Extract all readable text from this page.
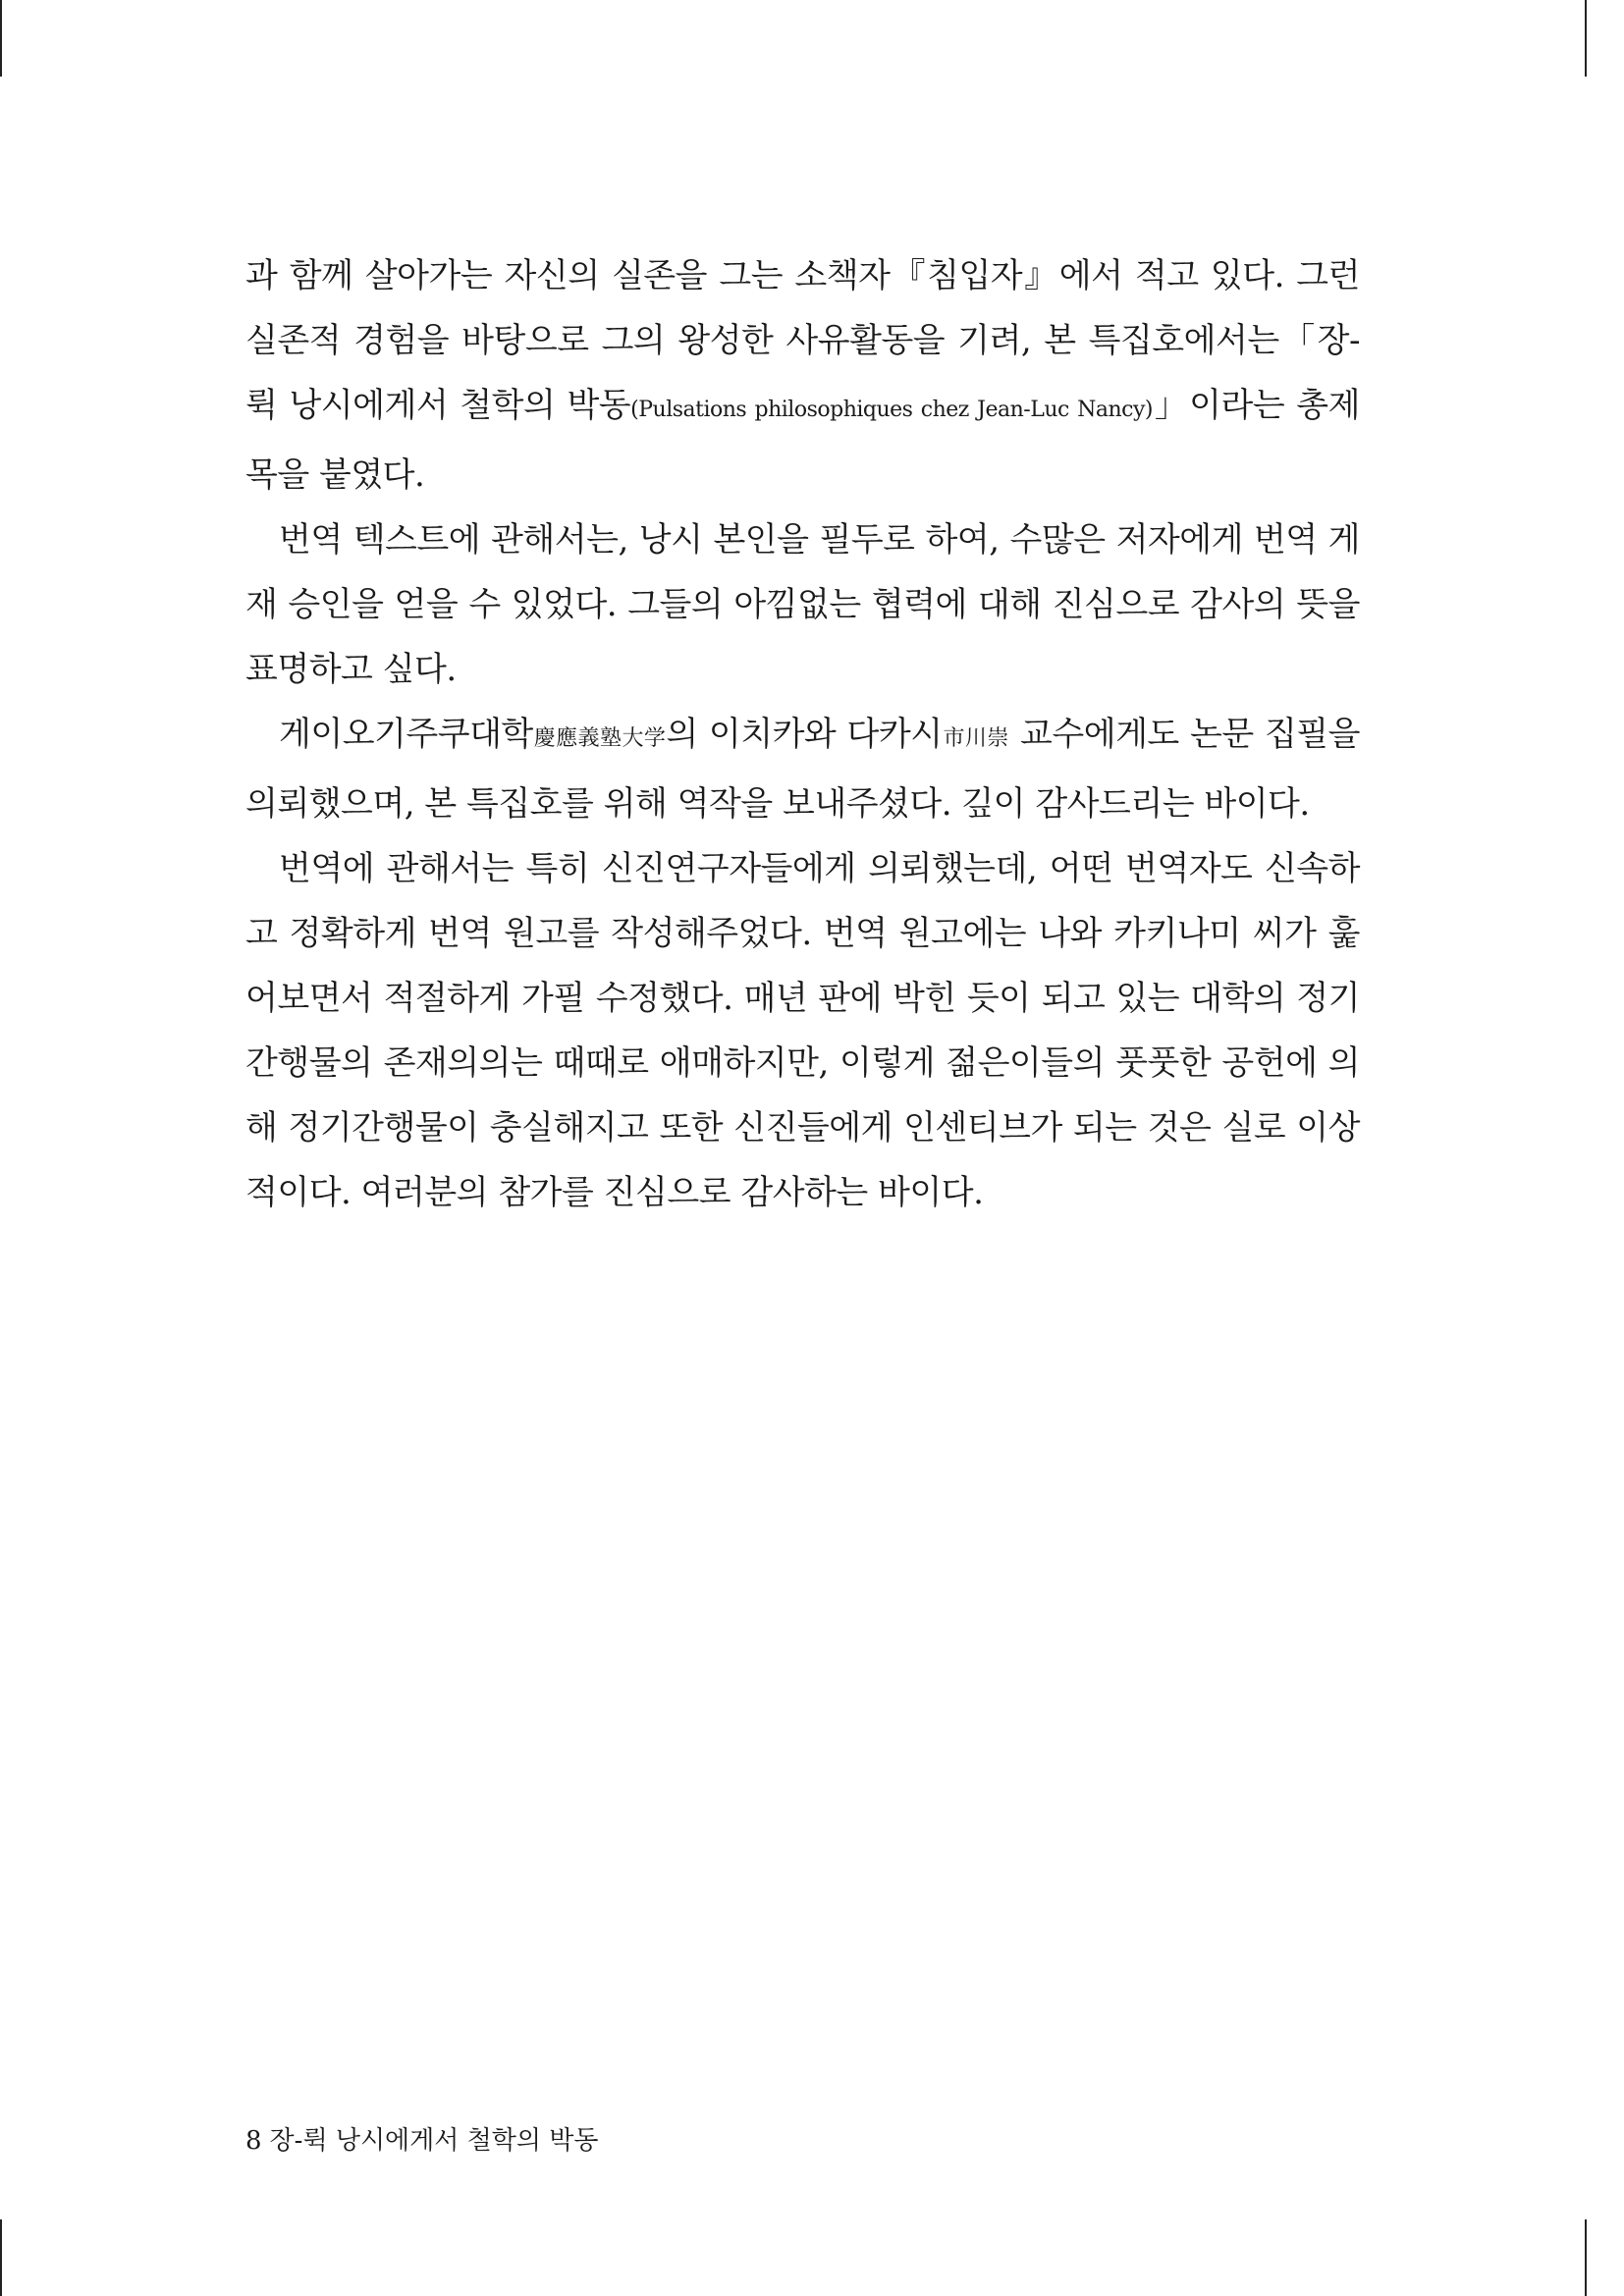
과 함께 살아가는 자신의 실존을 그는 소책자『침입자』에서 적고 있다. 그런 실존적 경험을 바탕으로 그의 왕성한 사유활동을 기려, 본 특집호에서는「장-뤽 낭시에게서 철학의 박동(Pulsations philosophiques chez Jean-Luc Nancy)」이라는 총제목을 붙였다.

번역 텍스트에 관해서는, 낭시 본인을 필두로 하여, 수많은 저자에게 번역 게재 승인을 얻을 수 있었다. 그들의 아낌없는 협력에 대해 진심으로 감사의 뜻을 표명하고 싶다.

게이오기주쿠대학慶應義塾大学의 이치카와 다카시市川崇 교수에게도 논문 집필을 의뢰했으며, 본 특집호를 위해 역작을 보내주셨다. 깊이 감사드리는 바이다.

번역에 관해서는 특히 신진연구자들에게 의뢰했는데, 어떤 번역자도 신속하고 정확하게 번역 원고를 작성해주었다. 번역 원고에는 나와 카키나미 씨가 훑어보면서 적절하게 가필 수정했다. 매년 판에 박힌 듯이 되고 있는 대학의 정기간행물의 존재의의는 때때로 애매하지만, 이렇게 젊은이들의 풋풋한 공헌에 의해 정기간행물이 충실해지고 또한 신진들에게 인센티브가 되는 것은 실로 이상적이다. 여러분의 참가를 진심으로 감사하는 바이다.

8 장-뤽 낭시에게서 철학의 박동
